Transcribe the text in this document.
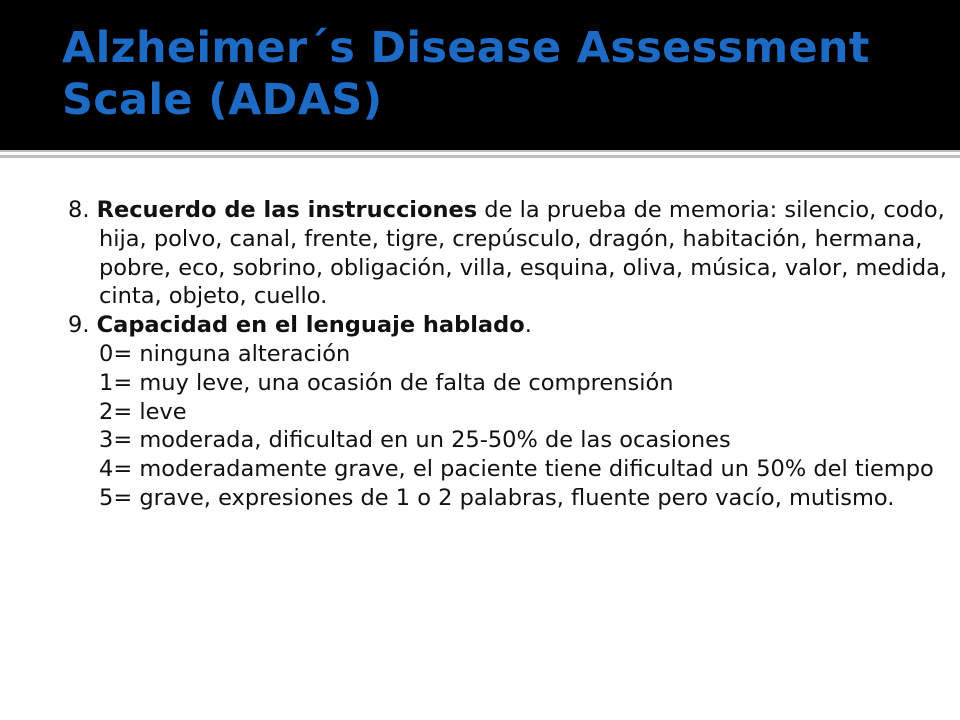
Alzheimer´s Disease Assessment Scale (ADAS)

8. Recuerdo de las instrucciones de la prueba de memoria: silencio, codo, hija, polvo, canal, frente, tigre, crepúsculo, dragón, habitación, hermana, pobre, eco, sobrino, obligación, villa, esquina, oliva, música, valor, medida, cinta, objeto, cuello.

9. Capacidad en el lenguaje hablado.

0= ninguna alteración

1= muy leve, una ocasión de falta de comprensión

2= leve

3= moderada, dificultad en un 25-50% de las ocasiones

4= moderadamente grave, el paciente tiene dificultad un 50% del tiempo

5= grave, expresiones de 1 o 2 palabras, fluente pero vacío, mutismo.
